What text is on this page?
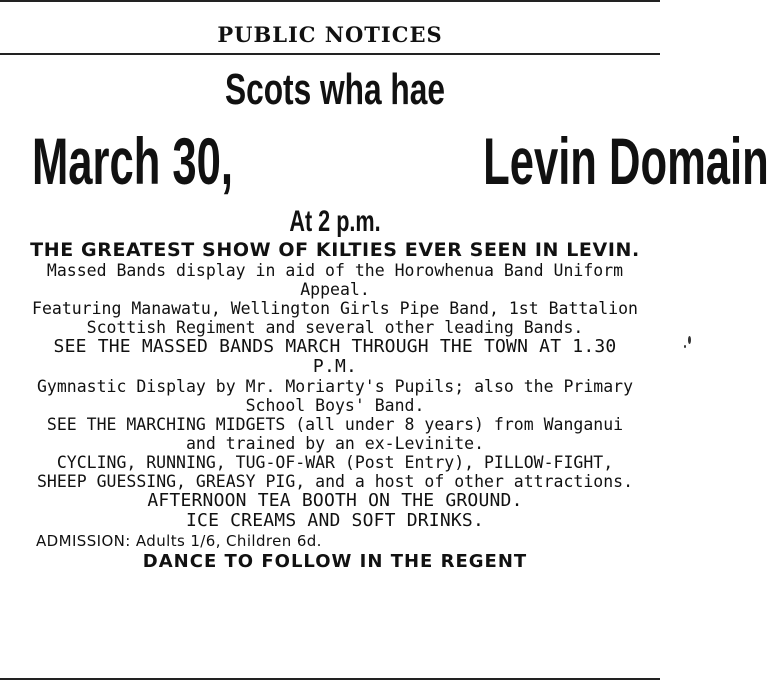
PUBLIC NOTICES
Scots wha hae
March 30,	Levin Domain
At 2 p.m.
THE GREATEST SHOW OF KILTIES EVER SEEN IN LEVIN.

Massed Bands display in aid of the Horowhenua Band Uniform Appeal.

Featuring Manawatu, Wellington Girls Pipe Band, 1st Battalion Scottish Regiment and several other leading Bands.

SEE THE MASSED BANDS MARCH THROUGH THE TOWN AT 1.30 P.M.

Gymnastic Display by Mr. Moriarty's Pupils; also the Primary School Boys' Band.

SEE THE MARCHING MIDGETS (all under 8 years) from Wanganui and trained by an ex-Levinite.

CYCLING, RUNNING, TUG-OF-WAR (Post Entry), PILLOW-FIGHT, SHEEP GUESSING, GREASY PIG, and a host of other attractions.

AFTERNOON TEA BOOTH ON THE GROUND.

ICE CREAMS AND SOFT DRINKS.

ADMISSION: Adults 1/6, Children 6d.
DANCE TO FOLLOW IN THE REGENT
